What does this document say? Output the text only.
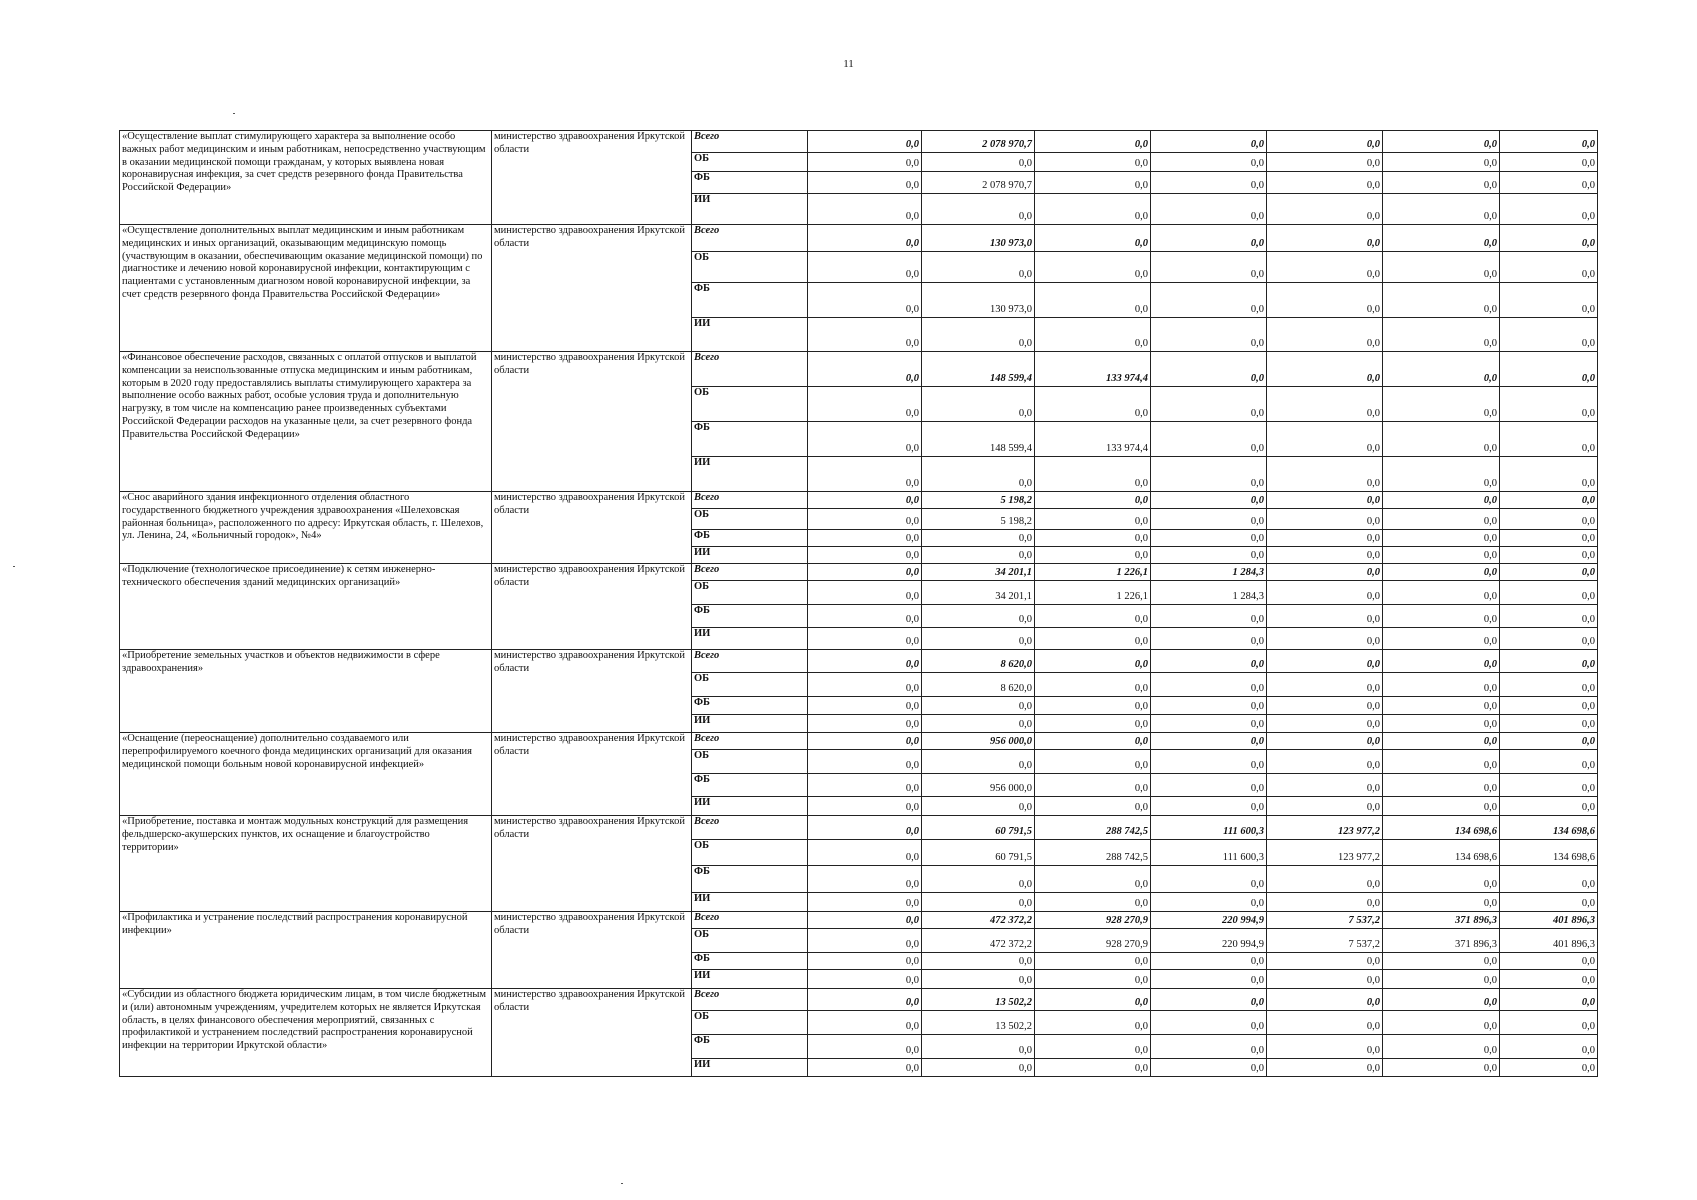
11
«Осуществление выплат стимулирующего характера за выполнение особо важных работ медицинским и иным работникам, непосредственно участвующим в оказании медицинской помощи гражданам, у которых выявлена новая коронавирусная инфекция, за счет средств резервного фонда Правительства Российской Федерации»	министерство здравоохранения Иркутской области	Всего	0,0	2 078 970,7	0,0	0,0	0,0	0,0	0,0
		ОБ	0,0	0,0	0,0	0,0	0,0	0,0	0,0
		ФБ	0,0	2 078 970,7	0,0	0,0	0,0	0,0	0,0
		ИИ	0,0	0,0	0,0	0,0	0,0	0,0	0,0
«Осуществление дополнительных выплат медицинским и иным работникам медицинских и иных организаций, оказывающим медицинскую помощь (участвующим в оказании, обеспечивающим оказание медицинской помощи) по диагностике и лечению новой коронавирусной инфекции, контактирующим с пациентами с установленным диагнозом новой коронавирусной инфекции, за счет средств резервного фонда Правительства Российской Федерации»	министерство здравоохранения Иркутской области	Всего	0,0	130 973,0	0,0	0,0	0,0	0,0	0,0
		ОБ	0,0	0,0	0,0	0,0	0,0	0,0	0,0
		ФБ	0,0	130 973,0	0,0	0,0	0,0	0,0	0,0
		ИИ	0,0	0,0	0,0	0,0	0,0	0,0	0,0
«Финансовое обеспечение расходов, связанных с оплатой отпусков и выплатой компенсации за неиспользованные отпуска медицинским и иным работникам, которым в 2020 году предоставлялись выплаты стимулирующего характера за выполнение особо важных работ, особые условия труда и дополнительную нагрузку, в том числе на компенсацию ранее произведенных субъектами Российской Федерации расходов на указанные цели, за счет резервного фонда Правительства Российской Федерации»	министерство здравоохранения Иркутской области	Всего	0,0	148 599,4	133 974,4	0,0	0,0	0,0	0,0
		ОБ	0,0	0,0	0,0	0,0	0,0	0,0	0,0
		ФБ	0,0	148 599,4	133 974,4	0,0	0,0	0,0	0,0
		ИИ	0,0	0,0	0,0	0,0	0,0	0,0	0,0
«Снос аварийного здания инфекционного отделения областного государственного бюджетного учреждения здравоохранения «Шелеховская районная больница», расположенного по адресу: Иркутская область, г. Шелехов, ул. Ленина, 24, «Больничный городок», №4»	министерство здравоохранения Иркутской области	Всего	0,0	5 198,2	0,0	0,0	0,0	0,0	0,0
		ОБ	0,0	5 198,2	0,0	0,0	0,0	0,0	0,0
		ФБ	0,0	0,0	0,0	0,0	0,0	0,0	0,0
		ИИ	0,0	0,0	0,0	0,0	0,0	0,0	0,0
«Подключение (технологическое присоединение) к сетям инженерно-технического обеспечения зданий медицинских организаций»	министерство здравоохранения Иркутской области	Всего	0,0	34 201,1	1 226,1	1 284,3	0,0	0,0	0,0
		ОБ	0,0	34 201,1	1 226,1	1 284,3	0,0	0,0	0,0
		ФБ	0,0	0,0	0,0	0,0	0,0	0,0	0,0
		ИИ	0,0	0,0	0,0	0,0	0,0	0,0	0,0
«Приобретение земельных участков и объектов недвижимости в сфере здравоохранения»	министерство здравоохранения Иркутской области	Всего	0,0	8 620,0	0,0	0,0	0,0	0,0	0,0
		ОБ	0,0	8 620,0	0,0	0,0	0,0	0,0	0,0
		ФБ	0,0	0,0	0,0	0,0	0,0	0,0	0,0
		ИИ	0,0	0,0	0,0	0,0	0,0	0,0	0,0
«Оснащение (переоснащение) дополнительно создаваемого или перепрофилируемого коечного фонда медицинских организаций для оказания медицинской помощи больным новой коронавирусной инфекцией»	министерство здравоохранения Иркутской области	Всего	0,0	956 000,0	0,0	0,0	0,0	0,0	0,0
		ОБ	0,0	0,0	0,0	0,0	0,0	0,0	0,0
		ФБ	0,0	956 000,0	0,0	0,0	0,0	0,0	0,0
		ИИ	0,0	0,0	0,0	0,0	0,0	0,0	0,0
«Приобретение, поставка и монтаж модульных конструкций для размещения фельдшерско-акушерских пунктов, их оснащение и благоустройство территории»	министерство здравоохранения Иркутской области	Всего	0,0	60 791,5	288 742,5	111 600,3	123 977,2	134 698,6	134 698,6
		ОБ	0,0	60 791,5	288 742,5	111 600,3	123 977,2	134 698,6	134 698,6
		ФБ	0,0	0,0	0,0	0,0	0,0	0,0	0,0
		ИИ	0,0	0,0	0,0	0,0	0,0	0,0	0,0
«Профилактика и устранение последствий распространения коронавирусной инфекции»	министерство здравоохранения Иркутской области	Всего	0,0	472 372,2	928 270,9	220 994,9	7 537,2	371 896,3	401 896,3
		ОБ	0,0	472 372,2	928 270,9	220 994,9	7 537,2	371 896,3	401 896,3
		ФБ	0,0	0,0	0,0	0,0	0,0	0,0	0,0
		ИИ	0,0	0,0	0,0	0,0	0,0	0,0	0,0
«Субсидии из областного бюджета юридическим лицам, в том числе бюджетным и (или) автономным учреждениям, учредителем которых не является Иркутская область, в целях финансового обеспечения мероприятий, связанных с профилактикой и устранением последствий распространения коронавирусной инфекции на территории Иркутской области»	министерство здравоохранения Иркутской области	Всего	0,0	13 502,2	0,0	0,0	0,0	0,0	0,0
		ОБ	0,0	13 502,2	0,0	0,0	0,0	0,0	0,0
		ФБ	0,0	0,0	0,0	0,0	0,0	0,0	0,0
		ИИ	0,0	0,0	0,0	0,0	0,0	0,0	0,0
